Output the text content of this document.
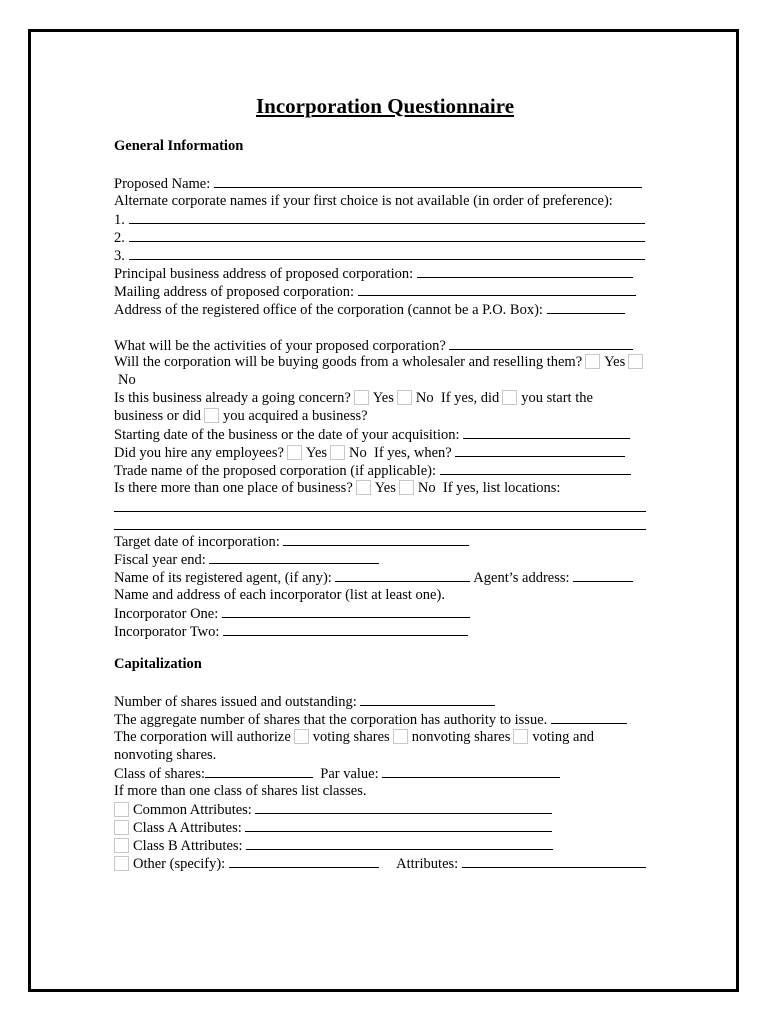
Incorporation Questionnaire
General Information
Proposed Name:
Alternate corporate names if your first choice is not available (in order of preference):
1.
2.
3.
Principal business address of proposed corporation:
Mailing address of proposed corporation:
Address of the registered office of the corporation (cannot be a P.O. Box):
What will be the activities of your proposed corporation?
Will the corporation will be buying goods from a wholesaler and reselling them? Yes
No
Is this business already a going concern? Yes No If yes, did you start the
business or did you acquired a business?
Starting date of the business or the date of your acquisition:
Did you hire any employees? Yes No If yes, when?
Trade name of the proposed corporation (if applicable):
Is there more than one place of business? Yes No If yes, list locations:
Target date of incorporation:
Fiscal year end:
Name of its registered agent, (if any):	Agent’s address:
Name and address of each incorporator (list at least one).
Incorporator One:
Incorporator Two:
Capitalization
Number of shares issued and outstanding:
The aggregate number of shares that the corporation has authority to issue.
The corporation will authorize voting shares nonvoting shares voting and
nonvoting shares.
Class of shares:	Par value:
If more than one class of shares list classes.
Common Attributes:
Class A Attributes:
Class B Attributes:
Other (specify):	Attributes:
